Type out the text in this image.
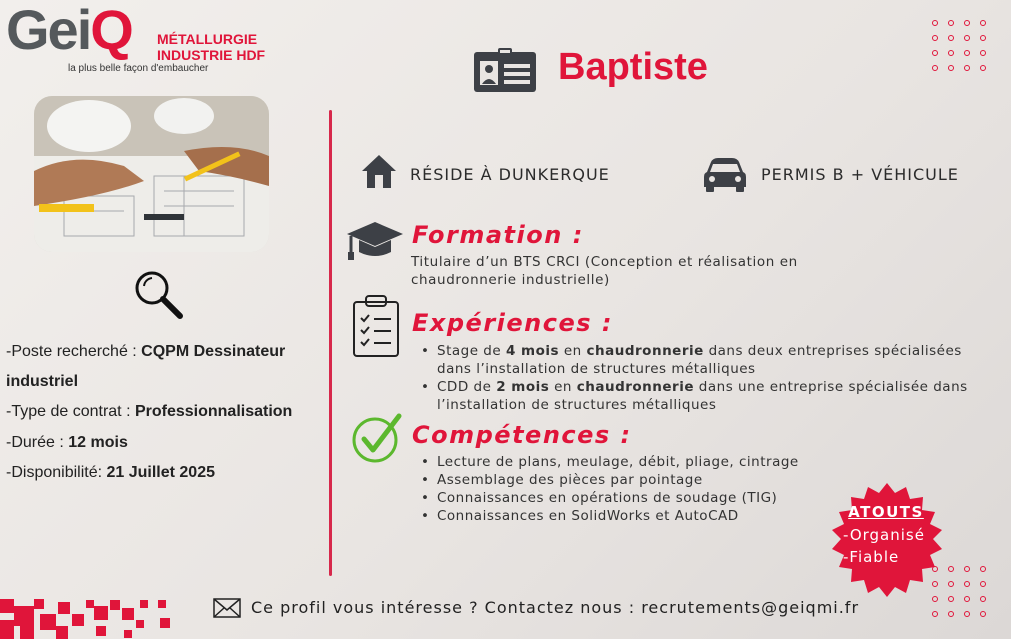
GeiQ MÉTALLURGIE
INDUSTRIE HDF
la plus belle façon d'embaucher	Baptiste
-Poste recherché : CQPM Dessinateur
industriel
-Type de contrat : Professionnalisation
-Durée : 12 mois
-Disponibilité: 21 Juillet 2025
RÉSIDE À DUNKERQUE	PERMIS B + VÉHICULE
Formation :
Titulaire d’un BTS CRCI (Conception et réalisation en
chaudronnerie industrielle)
Expériences :
• Stage de 4 mois en chaudronnerie dans deux entreprises spécialisées
dans l’installation de structures métalliques
• CDD de 2 mois en chaudronnerie dans une entreprise spécialisée dans
l’installation de structures métalliques
Compétences :
• Lecture de plans, meulage, débit, pliage, cintrage
• Assemblage des pièces par pointage
• Connaissances en opérations de soudage (TIG)
• Connaissances en SolidWorks et AutoCAD	ATOUTS
-Organisé
-Fiable
Ce profil vous intéresse ? Contactez nous : recrutements@geiqmi.fr
